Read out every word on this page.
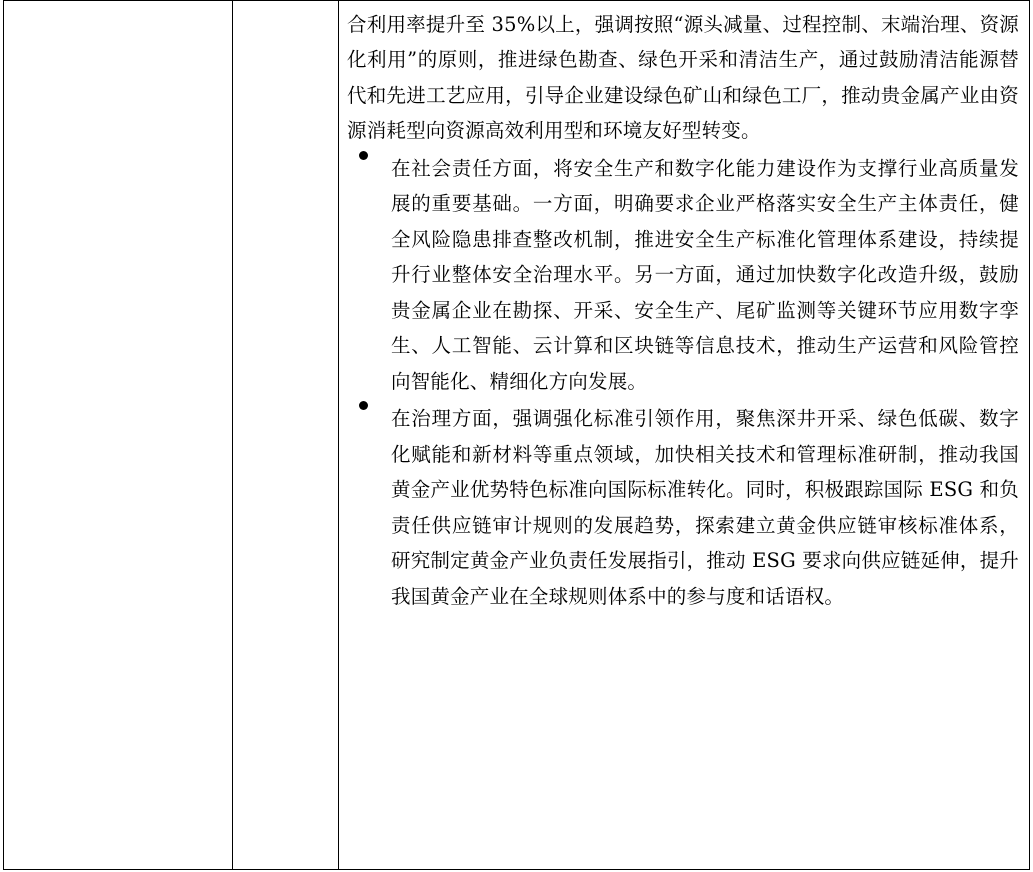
合利用率提升至 35%以上，强调按照“源头减量、过程控制、末端治理、资源化利用”的原则，推进绿色勘查、绿色开采和清洁生产，通过鼓励清洁能源替代和先进工艺应用，引导企业建设绿色矿山和绿色工厂，推动贵金属产业由资源消耗型向资源高效利用型和环境友好型转变。

在社会责任方面，将安全生产和数字化能力建设作为支撑行业高质量发展的重要基础。一方面，明确要求企业严格落实安全生产主体责任，健全风险隐患排查整改机制，推进安全生产标准化管理体系建设，持续提升行业整体安全治理水平。另一方面，通过加快数字化改造升级，鼓励贵金属企业在勘探、开采、安全生产、尾矿监测等关键环节应用数字孪生、人工智能、云计算和区块链等信息技术，推动生产运营和风险管控向智能化、精细化方向发展。

在治理方面，强调强化标准引领作用，聚焦深井开采、绿色低碳、数字化赋能和新材料等重点领域，加快相关技术和管理标准研制，推动我国黄金产业优势特色标准向国际标准转化。同时，积极跟踪国际 ESG 和负责任供应链审计规则的发展趋势，探索建立黄金供应链审核标准体系，研究制定黄金产业负责任发展指引，推动 ESG 要求向供应链延伸，提升我国黄金产业在全球规则体系中的参与度和话语权。
